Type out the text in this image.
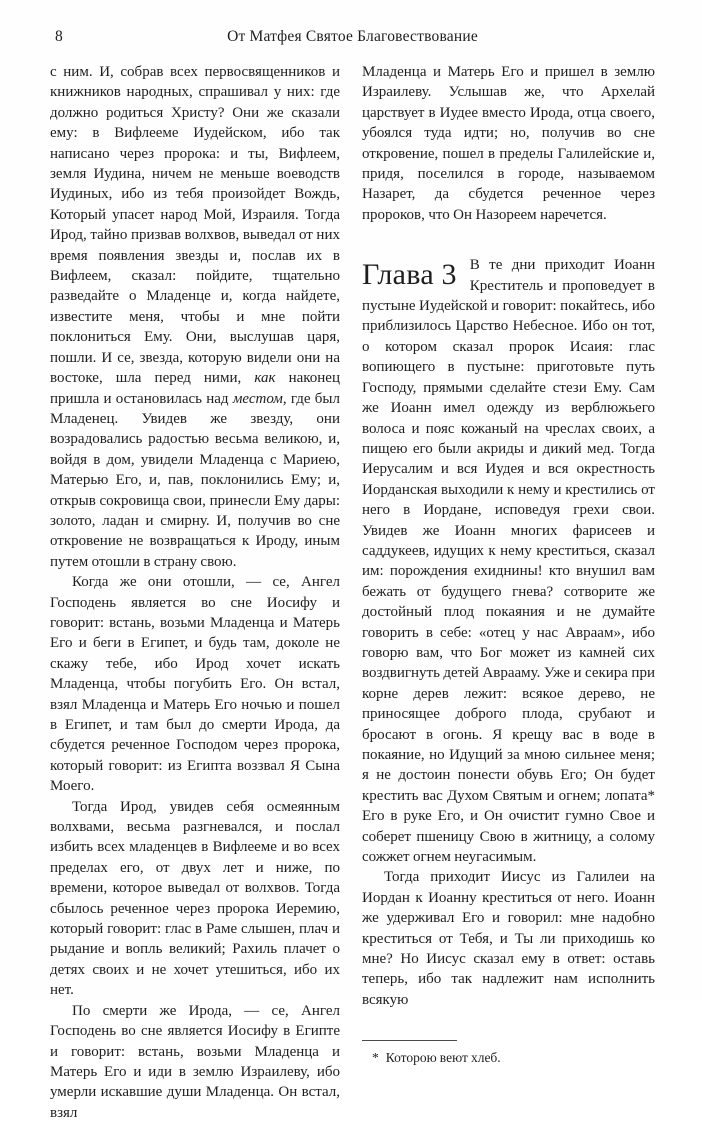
8	От Матфея Святое Благовествование

с ним. И, собрав всех первосвященников и книжников народных, спрашивал у них: где должно родиться Христу? Они же сказали ему: в Вифлееме Иудейском, ибо так написано через пророка: и ты, Вифлеем, земля Иудина, ничем не меньше воеводств Иудиных, ибо из тебя произойдет Вождь, Который упасет народ Мой, Израиля. Тогда Ирод, тайно призвав волхвов, выведал от них время появления звезды и, послав их в Вифлеем, сказал: пойдите, тщательно разведайте о Младенце и, когда найдете, известите меня, чтобы и мне пойти поклониться Ему. Они, выслушав царя, пошли. И се, звезда, которую видели они на востоке, шла перед ними, как наконец пришла и остановилась над местом, где был Младенец. Увидев же звезду, они возрадовались радостью весьма великою, и, войдя в дом, увидели Младенца с Мариею, Матерью Его, и, пав, поклонились Ему; и, открыв сокровища свои, принесли Ему дары: золото, ладан и смирну. И, получив во сне откровение не возвращаться к Ироду, иным путем отошли в страну свою.

Когда же они отошли, — се, Ангел Господень является во сне Иосифу и говорит: встань, возьми Младенца и Матерь Его и беги в Египет, и будь там, доколе не скажу тебе, ибо Ирод хочет искать Младенца, чтобы погубить Его. Он встал, взял Младенца и Матерь Его ночью и пошел в Египет, и там был до смерти Ирода, да сбудется реченное Господом через пророка, который говорит: из Египта воззвал Я Сына Моего.

Тогда Ирод, увидев себя осмеянным волхвами, весьма разгневался, и послал избить всех младенцев в Вифлееме и во всех пределах его, от двух лет и ниже, по времени, которое выведал от волхвов. Тогда сбылось реченное через пророка Иеремию, который говорит: глас в Раме слышен, плач и рыдание и вопль великий; Рахиль плачет о детях своих и не хочет утешиться, ибо их нет.

По смерти же Ирода, — се, Ангел Господень во сне является Иосифу в Египте и говорит: встань, возьми Младенца и Матерь Его и иди в землю Израилеву, ибо умерли искавшие души Младенца. Он встал, взял

Младенца и Матерь Его и пришел в землю Израилеву. Услышав же, что Архелай царствует в Иудее вместо Ирода, отца своего, убоялся туда идти; но, получив во сне откровение, пошел в пределы Галилейские и, придя, поселился в городе, называемом Назарет, да сбудется реченное через пророков, что Он Назореем наречется.

Глава 3 В те дни приходит Иоанн Креститель и проповедует в пустыне Иудейской и говорит: покайтесь, ибо приблизилось Царство Небесное. Ибо он тот, о котором сказал пророк Исаия: глас вопиющего в пустыне: приготовьте путь Господу, прямыми сделайте стези Ему. Сам же Иоанн имел одежду из верблюжьего волоса и пояс кожаный на чреслах своих, а пищею его были акриды и дикий мед. Тогда Иерусалим и вся Иудея и вся окрестность Иорданская выходили к нему и крестились от него в Иордане, исповедуя грехи свои. Увидев же Иоанн многих фарисеев и саддукеев, идущих к нему креститься, сказал им: порождения ехиднины! кто внушил вам бежать от будущего гнева? сотворите же достойный плод покаяния и не думайте говорить в себе: «отец у нас Авраам», ибо говорю вам, что Бог может из камней сих воздвигнуть детей Аврааму. Уже и секира при корне дерев лежит: всякое дерево, не приносящее доброго плода, срубают и бросают в огонь. Я крещу вас в воде в покаяние, но Идущий за мною сильнее меня; я не достоин понести обувь Его; Он будет крестить вас Духом Святым и огнем; лопата* Его в руке Его, и Он очистит гумно Свое и соберет пшеницу Свою в житницу, а солому сожжет огнем неугасимым.

Тогда приходит Иисус из Галилеи на Иордан к Иоанну креститься от него. Иоанн же удерживал Его и говорил: мне надобно креститься от Тебя, и Ты ли приходишь ко мне? Но Иисус сказал ему в ответ: оставь теперь, ибо так надлежит нам исполнить всякую

* Которою веют хлеб.
